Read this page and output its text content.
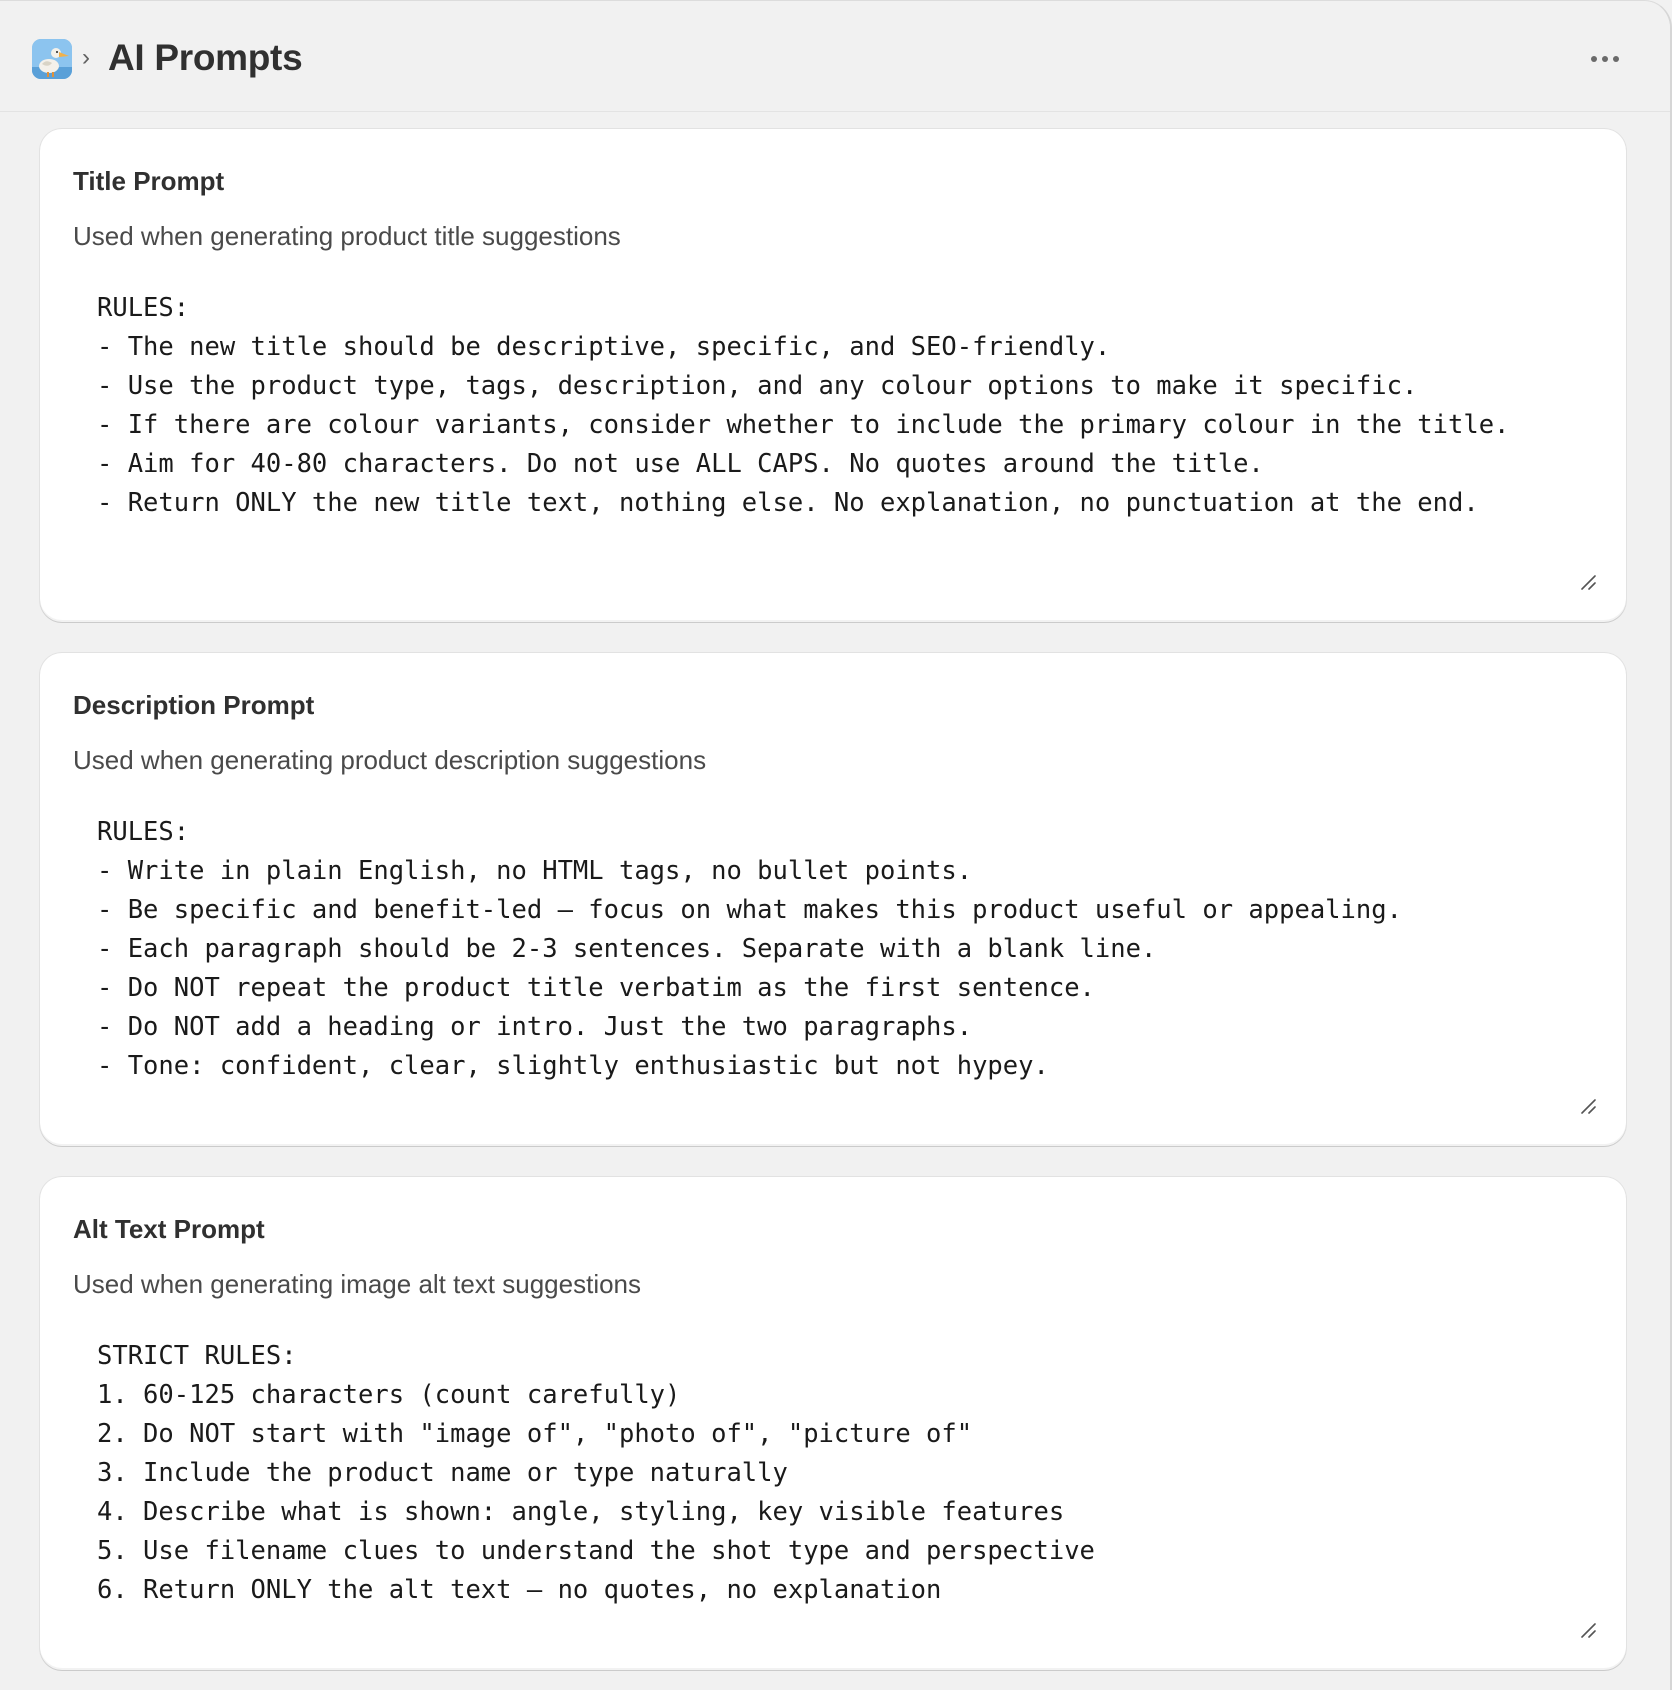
› AI Prompts
Title Prompt

Used when generating product title suggestions

RULES: - The new title should be descriptive, specific, and SEO-friendly. - Use the product type, tags, description, and any colour options to make it specific. - If there are colour variants, consider whether to include the primary colour in the title. - Aim for 40-80 characters. Do not use ALL CAPS. No quotes around the title. - Return ONLY the new title text, nothing else. No explanation, no punctuation at the end.
Description Prompt

Used when generating product description suggestions

RULES: - Write in plain English, no HTML tags, no bullet points. - Be specific and benefit-led — focus on what makes this product useful or appealing. - Each paragraph should be 2-3 sentences. Separate with a blank line. - Do NOT repeat the product title verbatim as the first sentence. - Do NOT add a heading or intro. Just the two paragraphs. - Tone: confident, clear, slightly enthusiastic but not hypey.
Alt Text Prompt

Used when generating image alt text suggestions

STRICT RULES: 1. 60-125 characters (count carefully) 2. Do NOT start with "image of", "photo of", "picture of" 3. Include the product name or type naturally 4. Describe what is shown: angle, styling, key visible features 5. Use filename clues to understand the shot type and perspective 6. Return ONLY the alt text — no quotes, no explanation
